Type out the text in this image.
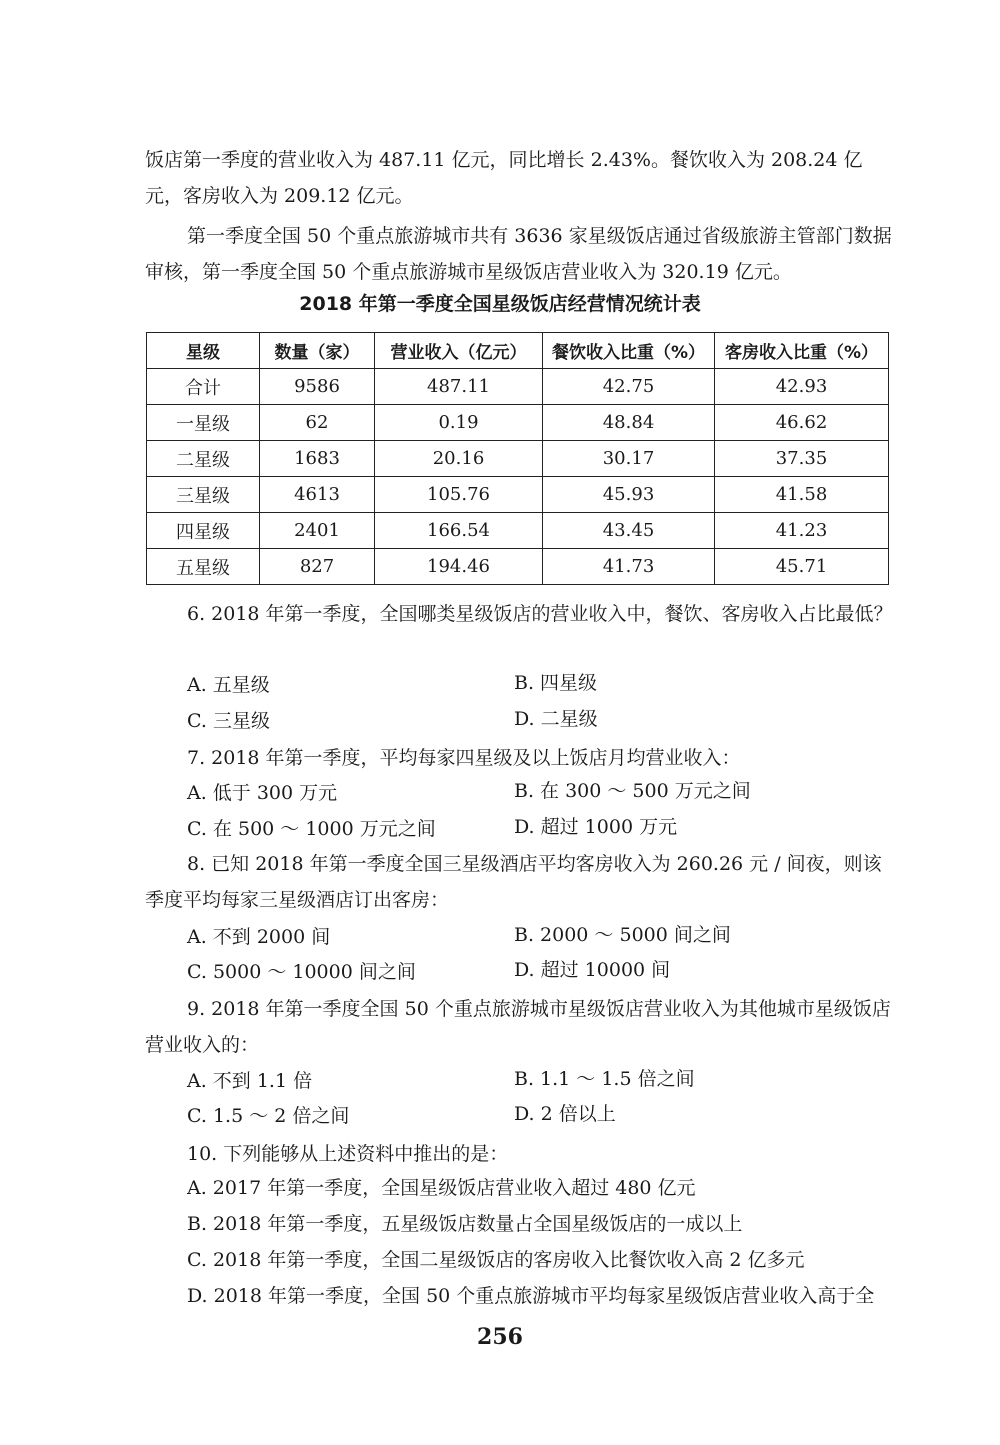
饭店第一季度的营业收入为 487.11 亿元，同比增长 2.43%。餐饮收入为 208.24 亿元，客房收入为 209.12 亿元。

第一季度全国 50 个重点旅游城市共有 3636 家星级饭店通过省级旅游主管部门数据审核，第一季度全国 50 个重点旅游城市星级饭店营业收入为 320.19 亿元。

2018 年第一季度全国星级饭店经营情况统计表
星级	数量（家）	营业收入（亿元）	餐饮收入比重（%）	客房收入比重（%）
合计	9586	487.11	42.75	42.93
一星级	62	0.19	48.84	46.62
二星级	1683	20.16	30.17	37.35
三星级	4613	105.76	45.93	41.58
四星级	2401	166.54	43.45	41.23
五星级	827	194.46	41.73	45.71

6. 2018 年第一季度，全国哪类星级饭店的营业收入中，餐饮、客房收入占比最低？

A. 五星级	B. 四星级
C. 三星级	D. 二星级

7. 2018 年第一季度，平均每家四星级及以上饭店月均营业收入：

A. 低于 300 万元	B. 在 300 ～ 500 万元之间
C. 在 500 ～ 1000 万元之间	D. 超过 1000 万元

8. 已知 2018 年第一季度全国三星级酒店平均客房收入为 260.26 元 / 间夜，则该季度平均每家三星级酒店订出客房：

A. 不到 2000 间	B. 2000 ～ 5000 间之间
C. 5000 ～ 10000 间之间	D. 超过 10000 间

9. 2018 年第一季度全国 50 个重点旅游城市星级饭店营业收入为其他城市星级饭店营业收入的：

A. 不到 1.1 倍	B. 1.1 ～ 1.5 倍之间
C. 1.5 ～ 2 倍之间	D. 2 倍以上

10. 下列能够从上述资料中推出的是：

A. 2017 年第一季度，全国星级饭店营业收入超过 480 亿元
B. 2018 年第一季度，五星级饭店数量占全国星级饭店的一成以上
C. 2018 年第一季度，全国二星级饭店的客房收入比餐饮收入高 2 亿多元
D. 2018 年第一季度，全国 50 个重点旅游城市平均每家星级饭店营业收入高于全
256
